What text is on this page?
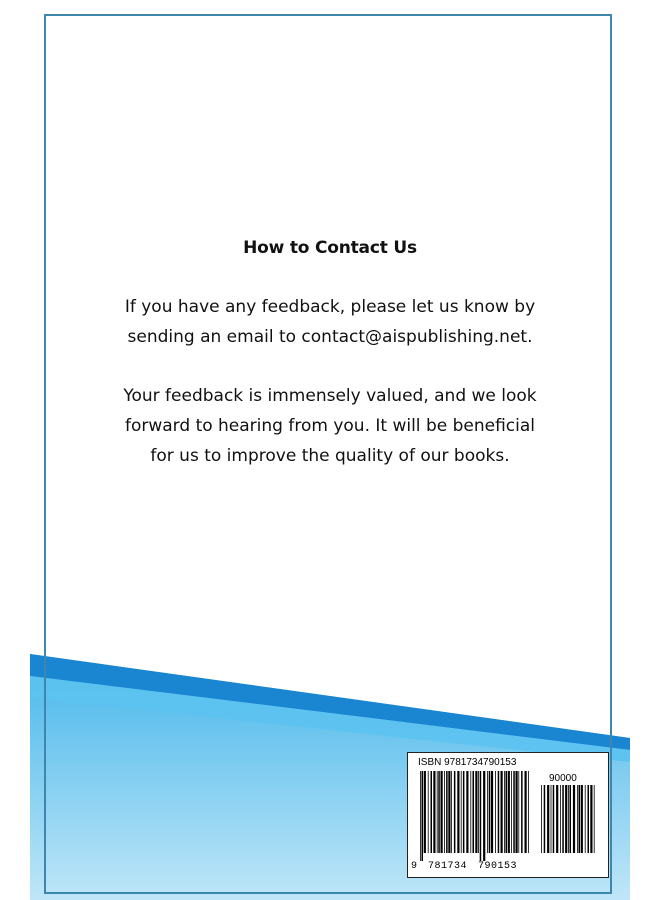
How to Contact Us
If you have any feedback, please let us know by
sending an email to contact@aispublishing.net.
Your feedback is immensely valued, and we look
forward to hearing from you. It will be beneficial
for us to improve the quality of our books.
ISBN 9781734790153
90000
9 781734 790153
